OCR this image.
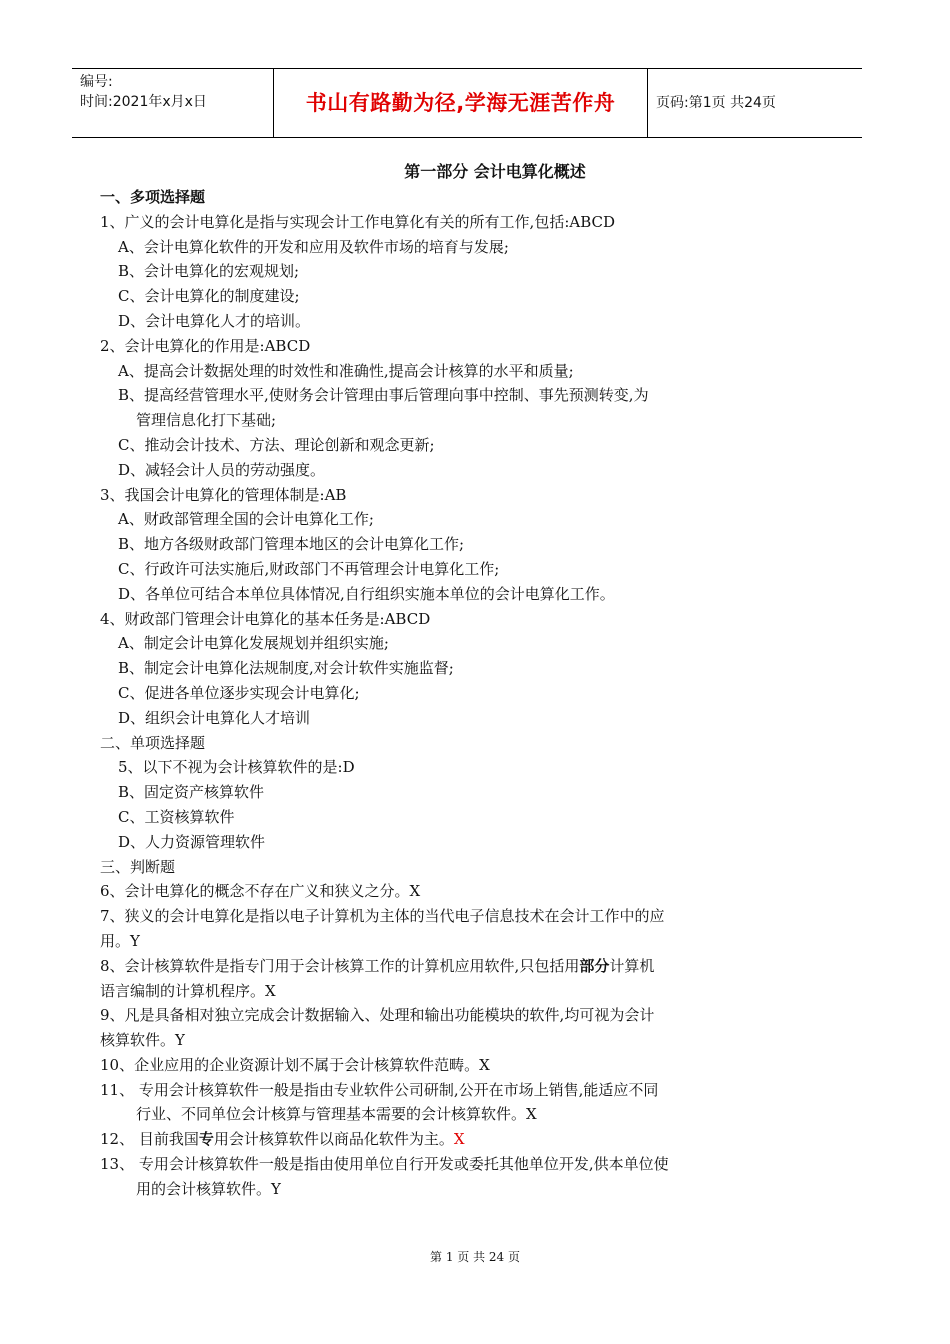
编号:
时间:2021年x月x日	书山有路勤为径,学海无涯苦作舟	页码:第1页 共24页
第一部分 会计电算化概述
一、多项选择题
1、广义的会计电算化是指与实现会计工作电算化有关的所有工作,包括:ABCD
A、会计电算化软件的开发和应用及软件市场的培育与发展;
B、会计电算化的宏观规划;
C、会计电算化的制度建设;
D、会计电算化人才的培训。
2、会计电算化的作用是:ABCD
A、提高会计数据处理的时效性和准确性,提高会计核算的水平和质量;
B、提高经营管理水平,使财务会计管理由事后管理向事中控制、事先预测转变,为
管理信息化打下基础;
C、推动会计技术、方法、理论创新和观念更新;
D、减轻会计人员的劳动强度。
3、我国会计电算化的管理体制是:AB
A、财政部管理全国的会计电算化工作;
B、地方各级财政部门管理本地区的会计电算化工作;
C、行政许可法实施后,财政部门不再管理会计电算化工作;
D、各单位可结合本单位具体情况,自行组织实施本单位的会计电算化工作。
4、财政部门管理会计电算化的基本任务是:ABCD
A、制定会计电算化发展规划并组织实施;
B、制定会计电算化法规制度,对会计软件实施监督;
C、促进各单位逐步实现会计电算化;
D、组织会计电算化人才培训
二、单项选择题
5、以下不视为会计核算软件的是:D
B、固定资产核算软件
C、工资核算软件
D、人力资源管理软件
三、判断题
6、会计电算化的概念不存在广义和狭义之分。X
7、狭义的会计电算化是指以电子计算机为主体的当代电子信息技术在会计工作中的应
用。Y
8、会计核算软件是指专门用于会计核算工作的计算机应用软件,只包括用部分计算机
语言编制的计算机程序。X
9、凡是具备相对独立完成会计数据输入、处理和输出功能模块的软件,均可视为会计
核算软件。Y
10、企业应用的企业资源计划不属于会计核算软件范畴。X
11、 专用会计核算软件一般是指由专业软件公司研制,公开在市场上销售,能适应不同
行业、不同单位会计核算与管理基本需要的会计核算软件。X
12、 目前我国专用会计核算软件以商品化软件为主。X
13、 专用会计核算软件一般是指由使用单位自行开发或委托其他单位开发,供本单位使
用的会计核算软件。Y
第 1 页 共 24 页
